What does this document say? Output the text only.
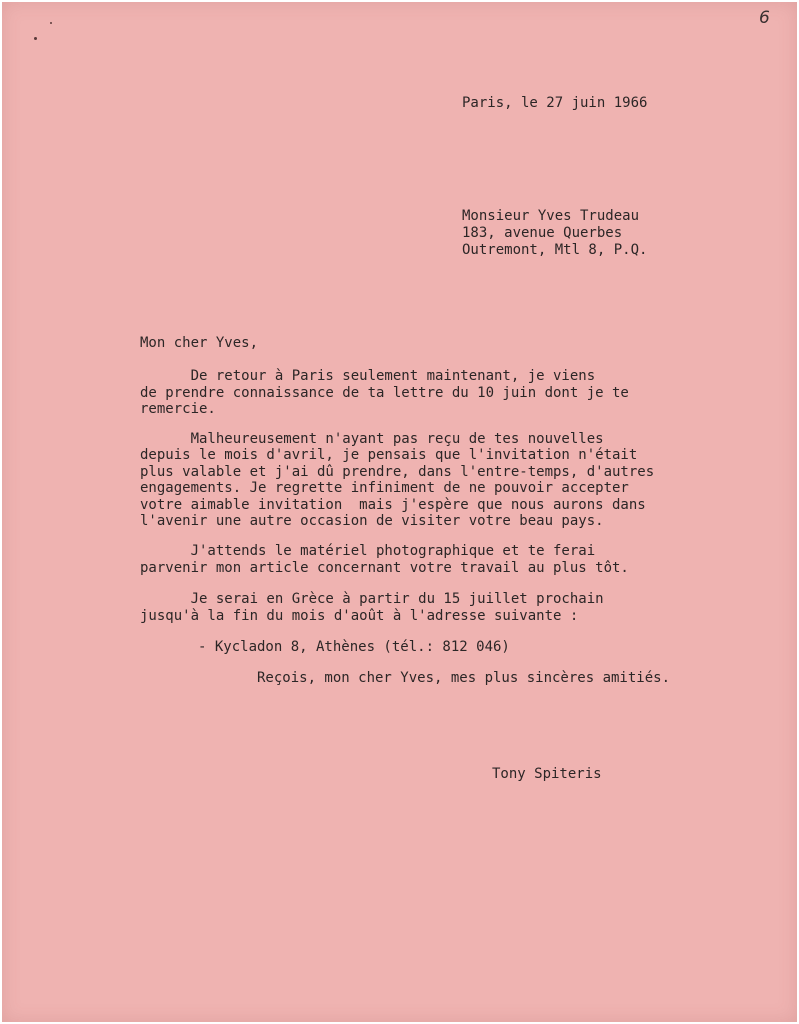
6

Paris, le 27 juin 1966

Monsieur Yves Trudeau

183, avenue Querbes

Outremont, Mtl 8, P.Q.

Mon cher Yves,

De retour à Paris seulement maintenant, je viens

de prendre connaissance de ta lettre du 10 juin dont je te

remercie.

Malheureusement n'ayant pas reçu de tes nouvelles

depuis le mois d'avril, je pensais que l'invitation n'était

plus valable et j'ai dû prendre, dans l'entre-temps, d'autres

engagements. Je regrette infiniment de ne pouvoir accepter

votre aimable invitation  mais j'espère que nous aurons dans

l'avenir une autre occasion de visiter votre beau pays.

J'attends le matériel photographique et te ferai

parvenir mon article concernant votre travail au plus tôt.

Je serai en Grèce à partir du 15 juillet prochain

jusqu'à la fin du mois d'août à l'adresse suivante :

- Kycladon 8, Athènes (tél.: 812 046)

Reçois, mon cher Yves, mes plus sincères amitiés.

Tony Spiteris
